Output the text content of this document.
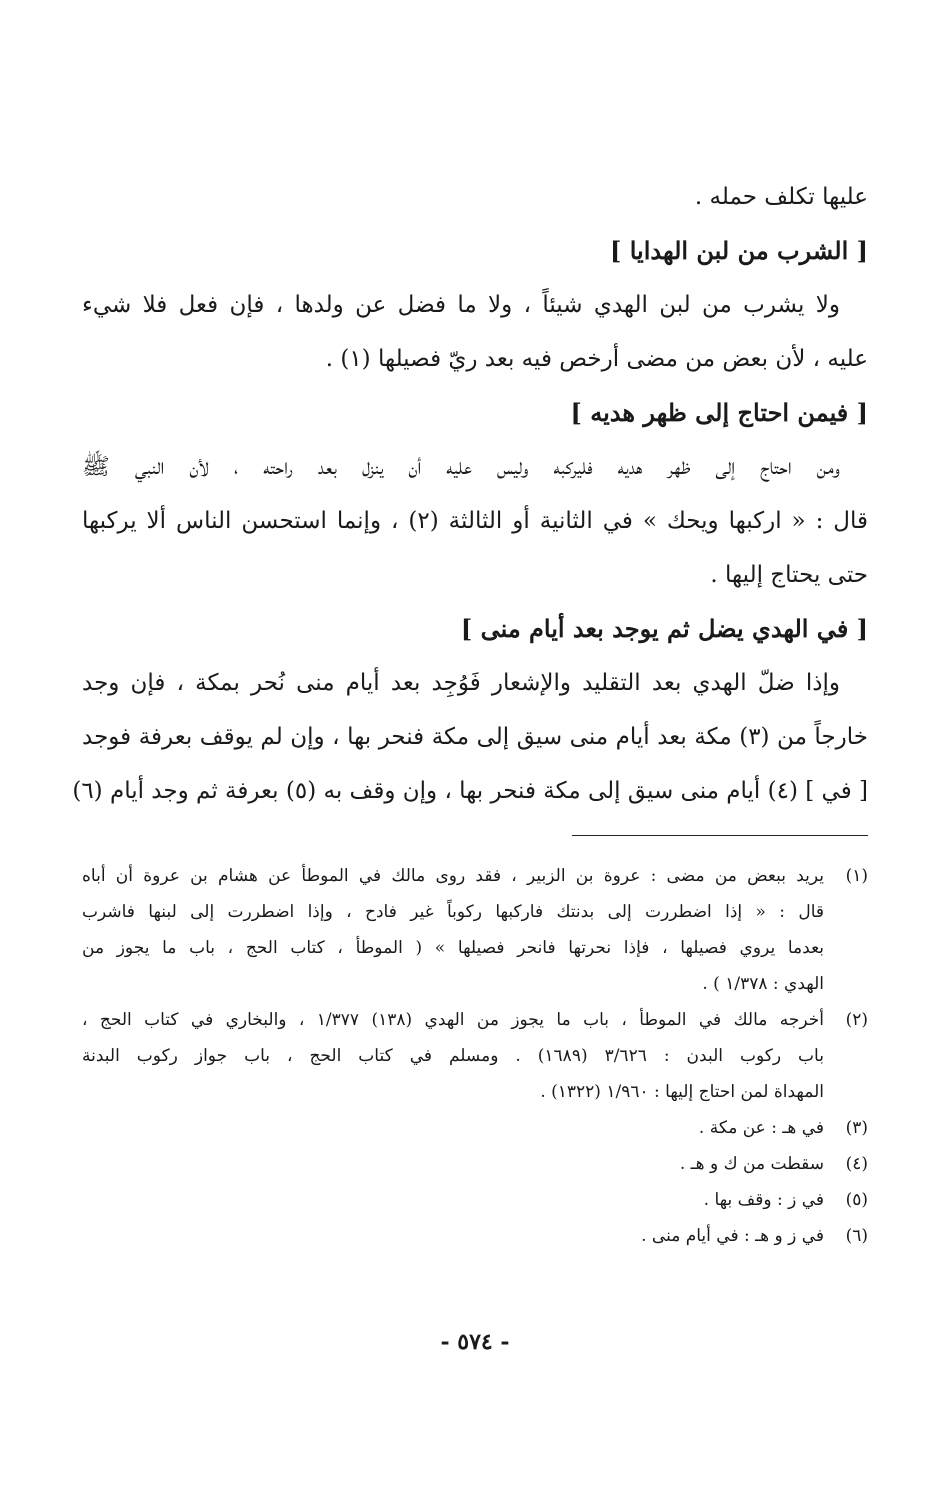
عليها تكلف حمله .
[ الشرب من لبن الهدايا ]
ولا يشرب من لبن الهدي شيئاً ، ولا ما فضل عن ولدها ، فإن فعل فلا شيء
عليه ، لأن بعض من مضى أرخص فيه بعد ريّ فصيلها (١) .
[ فيمن احتاج إلى ظهر هديه ]
ومن احتاج إلى ظهر هديه فليركبه وليس عليه أن ينزل بعد راحته ، لأن النبي ﷺ
قال : « اركبها ويحك » في الثانية أو الثالثة (٢) ، وإنما استحسن الناس ألا يركبها
حتى يحتاج إليها .
[ في الهدي يضل ثم يوجد بعد أيام منى ]
وإذا ضلّ الهدي بعد التقليد والإشعار فَوُجِد بعد أيام منى نُحر بمكة ، فإن وجد
خارجاً من (٣) مكة بعد أيام منى سيق إلى مكة فنحر بها ، وإن لم يوقف بعرفة فوجد
[ في ] (٤) أيام منى سيق إلى مكة فنحر بها ، وإن وقف به (٥) بعرفة ثم وجد أيام (٦)
(١)
يريد ببعض من مضى : عروة بن الزبير ، فقد روى مالك في الموطأ عن هشام بن عروة أن أباه
قال : « إذا اضطررت إلى بدنتك فاركبها ركوباً غير فادح ، وإذا اضطررت إلى لبنها فاشرب
بعدما يروي فصيلها ، فإذا نحرتها فانحر فصيلها » ( الموطأ ، كتاب الحج ، باب ما يجوز من
الهدي : ١/٣٧٨ ) .
(٢)
أخرجه مالك في الموطأ ، باب ما يجوز من الهدي (١٣٨) ١/٣٧٧ ، والبخاري في كتاب الحج ،
باب ركوب البدن : ٣/٦٢٦ (١٦٨٩) . ومسلم في كتاب الحج ، باب جواز ركوب البدنة
المهداة لمن احتاج إليها : ١/٩٦٠ (١٣٢٢) .
(٣)
في هـ : عن مكة .
(٤)
سقطت من ك و هـ .
(٥)
في ز : وقف بها .
(٦)
في ز و هـ : في أيام منى .
- ٥٧٤ -
